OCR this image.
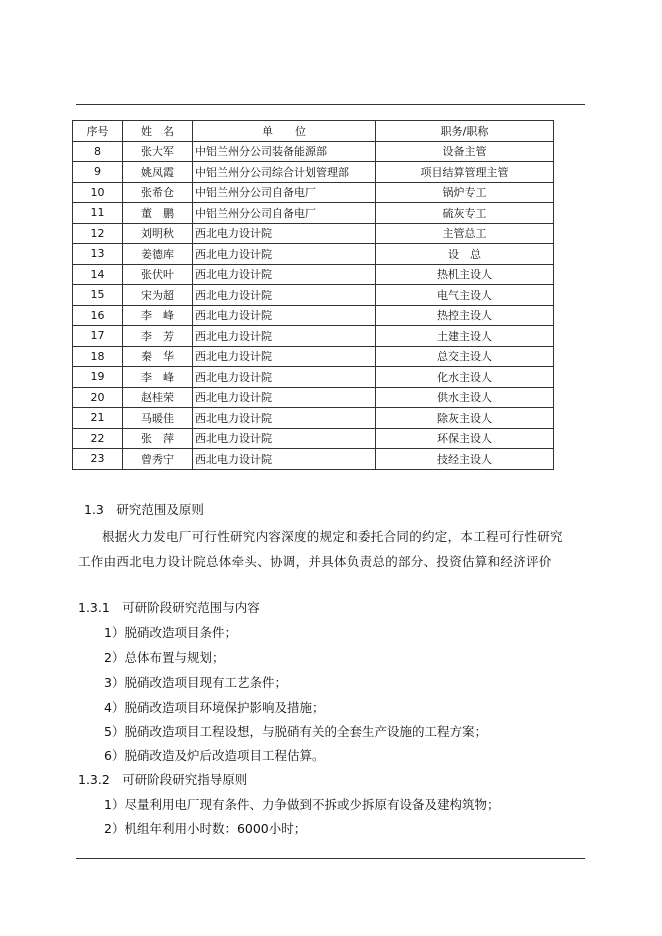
序号	姓　名	单　　位	职务/职称
8	张大军	中铝兰州分公司装备能源部	设备主管
9	姚凤霞	中铝兰州分公司综合计划管理部	项目结算管理主管
10	张希仓	中铝兰州分公司自备电厂	锅炉专工
11	董　鹏	中铝兰州分公司自备电厂	硫灰专工
12	刘明秋	西北电力设计院	主管总工
13	姜德库	西北电力设计院	设　总
14	张伏叶	西北电力设计院	热机主设人
15	宋为超	西北电力设计院	电气主设人
16	李　峰	西北电力设计院	热控主设人
17	李　芳	西北电力设计院	土建主设人
18	秦　华	西北电力设计院	总交主设人
19	李　峰	西北电力设计院	化水主设人
20	赵桂荣	西北电力设计院	供水主设人
21	马暖佳	西北电力设计院	除灰主设人
22	张　萍	西北电力设计院	环保主设人
23	曾秀宁	西北电力设计院	技经主设人
1.3　研究范围及原则
根据火力发电厂可行性研究内容深度的规定和委托合同的约定，本工程可行性研究工作由西北电力设计院总体牵头、协调，并具体负责总的部分、投资估算和经济评价
1.3.1　可研阶段研究范围与内容
1）脱硝改造项目条件；
2）总体布置与规划；
3）脱硝改造项目现有工艺条件；
4）脱硝改造项目环境保护影响及措施；
5）脱硝改造项目工程设想，与脱硝有关的全套生产设施的工程方案；
6）脱硝改造及炉后改造项目工程估算。
1.3.2　可研阶段研究指导原则
1）尽量利用电厂现有条件、力争做到不拆或少拆原有设备及建构筑物；
2）机组年利用小时数：6000小时；
